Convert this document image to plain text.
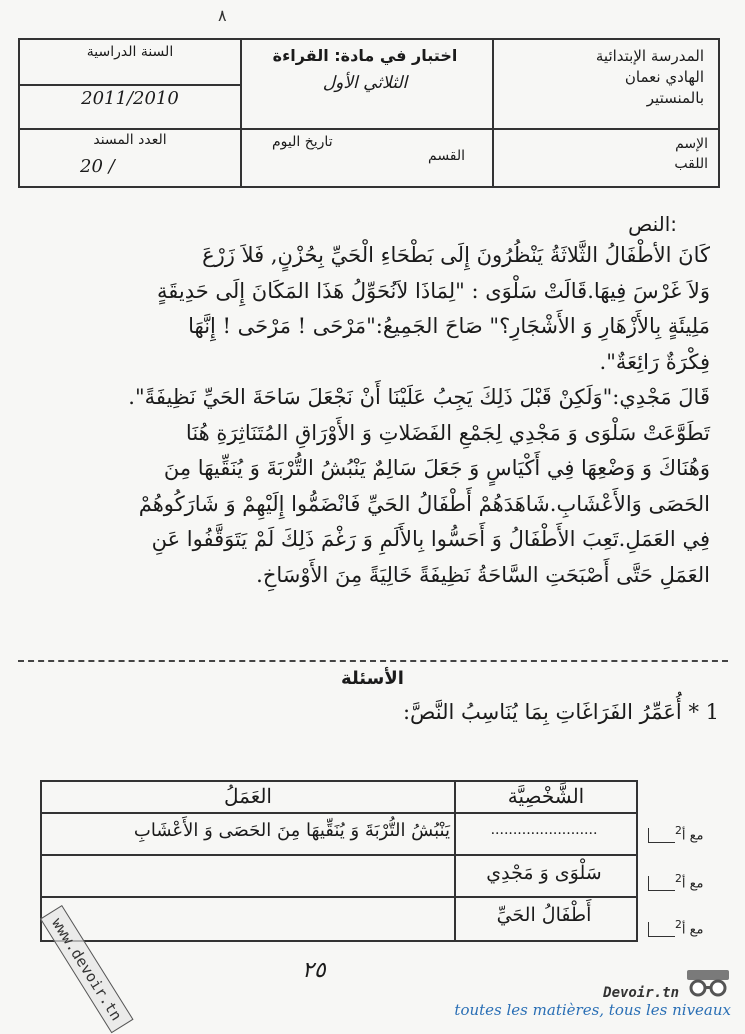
٨
المدرسة الإبتدائية
الهادي نعمان
بالمنستير
اختبار في مادة: القراءة
الثلاثي الأول
السنة الدراسية
2011/2010
الإسم
اللقب
القسم
تاريخ اليوم
العدد المسند
20 /
النص:

كَانَ الأطْفَالُ الثَّلاثَةُ يَنْظُرُونَ إِلَى بَطْحَاءِ الْحَيِّ بِحُزْنٍ, فَلاَ زَرْعَ

وَلاَ غَرْسَ فِيهَا.قَالَتْ سَلْوَى : "لِمَاذَا لاَنُحَوِّلُ هَذَا المَكَانَ إِلَى حَدِيقَةٍ

مَلِيئَةٍ بِالأَزْهَارِ وَ الأَشْجَارِ؟" صَاحَ الجَمِيعُ:"مَرْحَى ! مَرْحَى ! إِنَّهَا

فِكْرَةٌ رَائِعَةٌ".

قَالَ مَجْدِي:"وَلَكِنْ قَبْلَ ذَلِكَ يَجِبُ عَلَيْنَا أَنْ نَجْعَلَ سَاحَةَ الحَيِّ نَظِيفَةً".

تَطَوَّعَتْ سَلْوَى وَ مَجْدِي لِجَمْعِ الفَضَلاتِ وَ الأَوْرَاقِ المُتَنَاثِرَةِ هُنَا

وَهُنَاكَ وَ وَضْعِهَا فِي أَكْيَاسٍ وَ جَعَلَ سَالِمٌ يَنْبُشُ التُّرْبَةَ وَ يُنَقِّيهَا مِنَ

الحَصَى وَالأَعْشَابِ.شَاهَدَهُمْ أَطْفَالُ الحَيِّ فَانْضَمُّوا إِلَيْهِمْ وَ شَارَكُوهُمْ

فِي العَمَلِ.تَعِبَ الأَطْفَالُ وَ أَحَسُّوا بِالأَلَمِ وَ رَغْمَ ذَلِكَ لَمْ يَتَوَقَّفُوا عَنِ

العَمَلِ حَتَّى أَصْبَحَتِ السَّاحَةُ نَظِيفَةً خَالِيَةً مِنَ الأَوْسَاخِ.

الأسئلة
1 * أُعَمِّرُ الفَرَاغَاتِ بِمَا يُنَاسِبُ النَّصَّ:
الشَّخْصِيَّة
العَمَلُ
........................
يَنْبُشُ التُّرْبَةَ وَ يُنَقِّيهَا مِنَ الحَصَى وَ الأَعْشَابِ
سَلْوَى وَ مَجْدِي
أَطْفَالُ الحَيِّ
$^2$مع أ
$^2$مع أ
$^2$مع أ
www.devoir.tn	٢٥
Devoir.tn
toutes les matières, tous les niveaux
